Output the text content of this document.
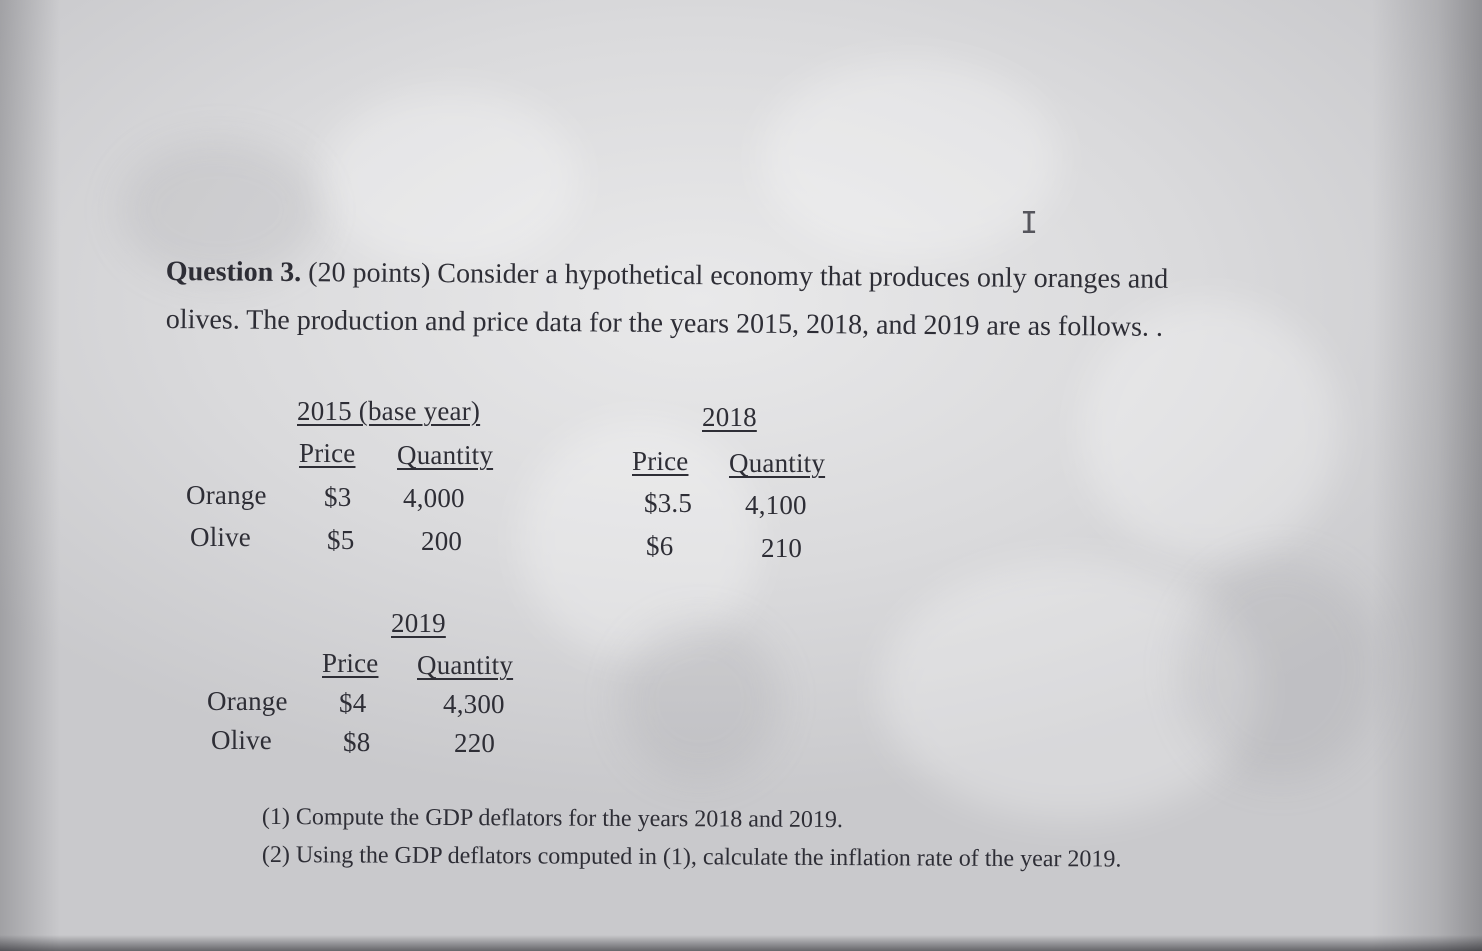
I
Question 3. (20 points) Consider a hypothetical economy that produces only oranges and
olives. The production and price data for the years 2015, 2018, and 2019 are as follows. .
2015 (base year)
Price Quantity
Orange $3 4,000
Olive	$5 200
2018
Price Quantity
$3.5 4,100
$6	210
2019
Price Quantity
Orange $4	4,300
Olive	$8	220
(1) Compute the GDP deflators for the years 2018 and 2019.
(2) Using the GDP deflators computed in (1), calculate the inflation rate of the year 2019.
